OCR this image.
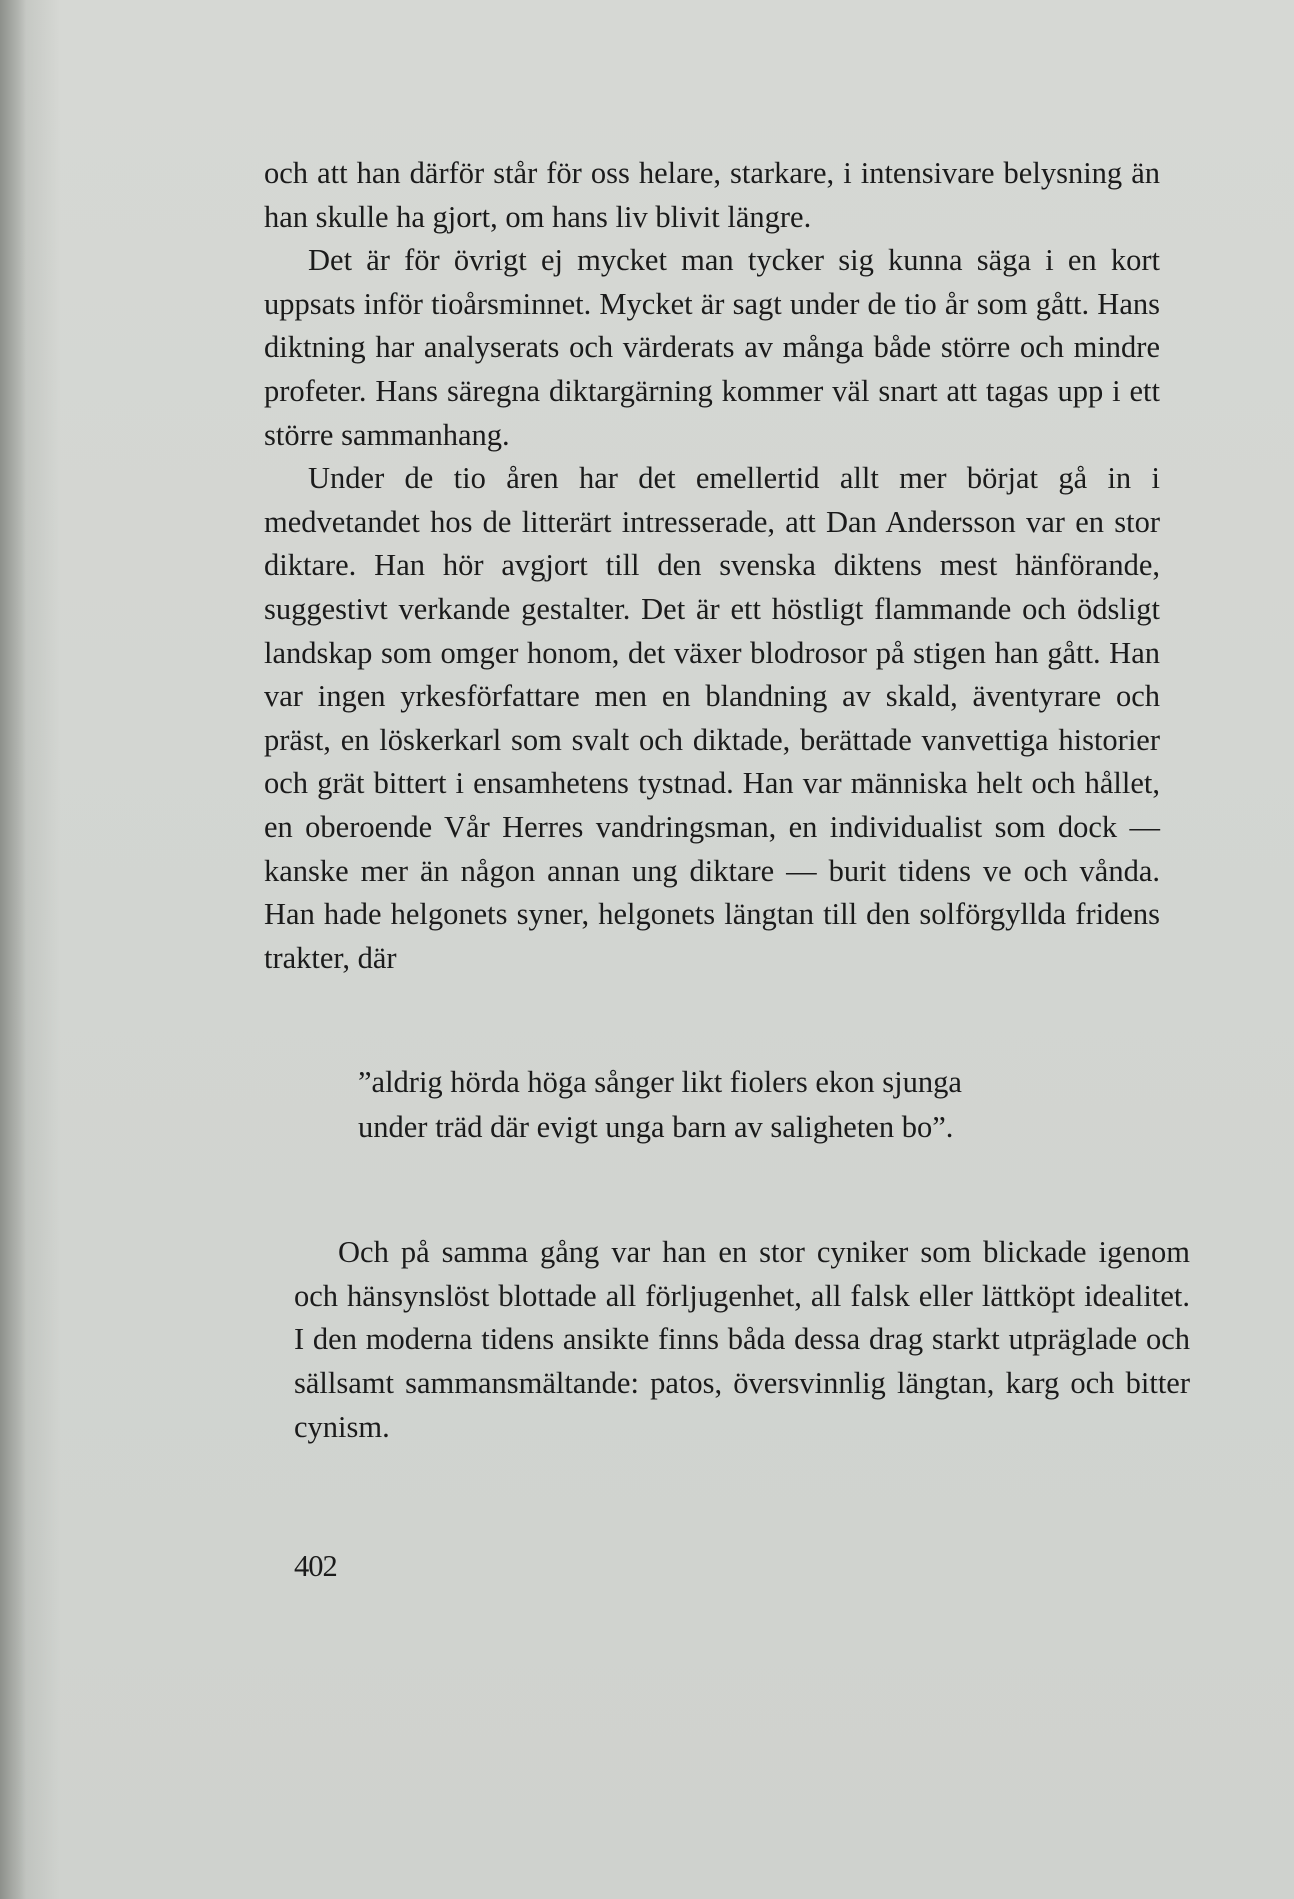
och att han därför står för oss helare, starkare, i intensivare belysning än han skulle ha gjort, om hans liv blivit längre.

Det är för övrigt ej mycket man tycker sig kunna säga i en kort uppsats inför tioårsminnet. Mycket är sagt under de tio år som gått. Hans diktning har analyserats och värderats av många både större och mindre profeter. Hans säregna diktargärning kommer väl snart att tagas upp i ett större sammanhang.

Under de tio åren har det emellertid allt mer börjat gå in i medvetandet hos de litterärt intresserade, att Dan Andersson var en stor diktare. Han hör avgjort till den svenska diktens mest hänförande, suggestivt verkande gestalter. Det är ett höstligt flammande och ödsligt landskap som omger honom, det växer blodrosor på stigen han gått. Han var ingen yrkesförfattare men en blandning av skald, äventyrare och präst, en löskerkarl som svalt och diktade, berättade vanvettiga historier och grät bittert i ensamhetens tystnad. Han var människa helt och hållet, en oberoende Vår Herres vandringsman, en individualist som dock — kanske mer än någon annan ung diktare — burit tidens ve och vånda. Han hade helgonets syner, helgonets längtan till den solförgyllda fridens trakter, där

”aldrig hörda höga sånger likt fiolers ekon sjunga
under träd där evigt unga barn av saligheten bo”.

Och på samma gång var han en stor cyniker som blickade igenom och hänsynslöst blottade all förljugenhet, all falsk eller lättköpt idealitet. I den moderna tidens ansikte finns båda dessa drag starkt utpräglade och sällsamt sammansmältande: patos, översvinnlig längtan, karg och bitter cynism.

402
